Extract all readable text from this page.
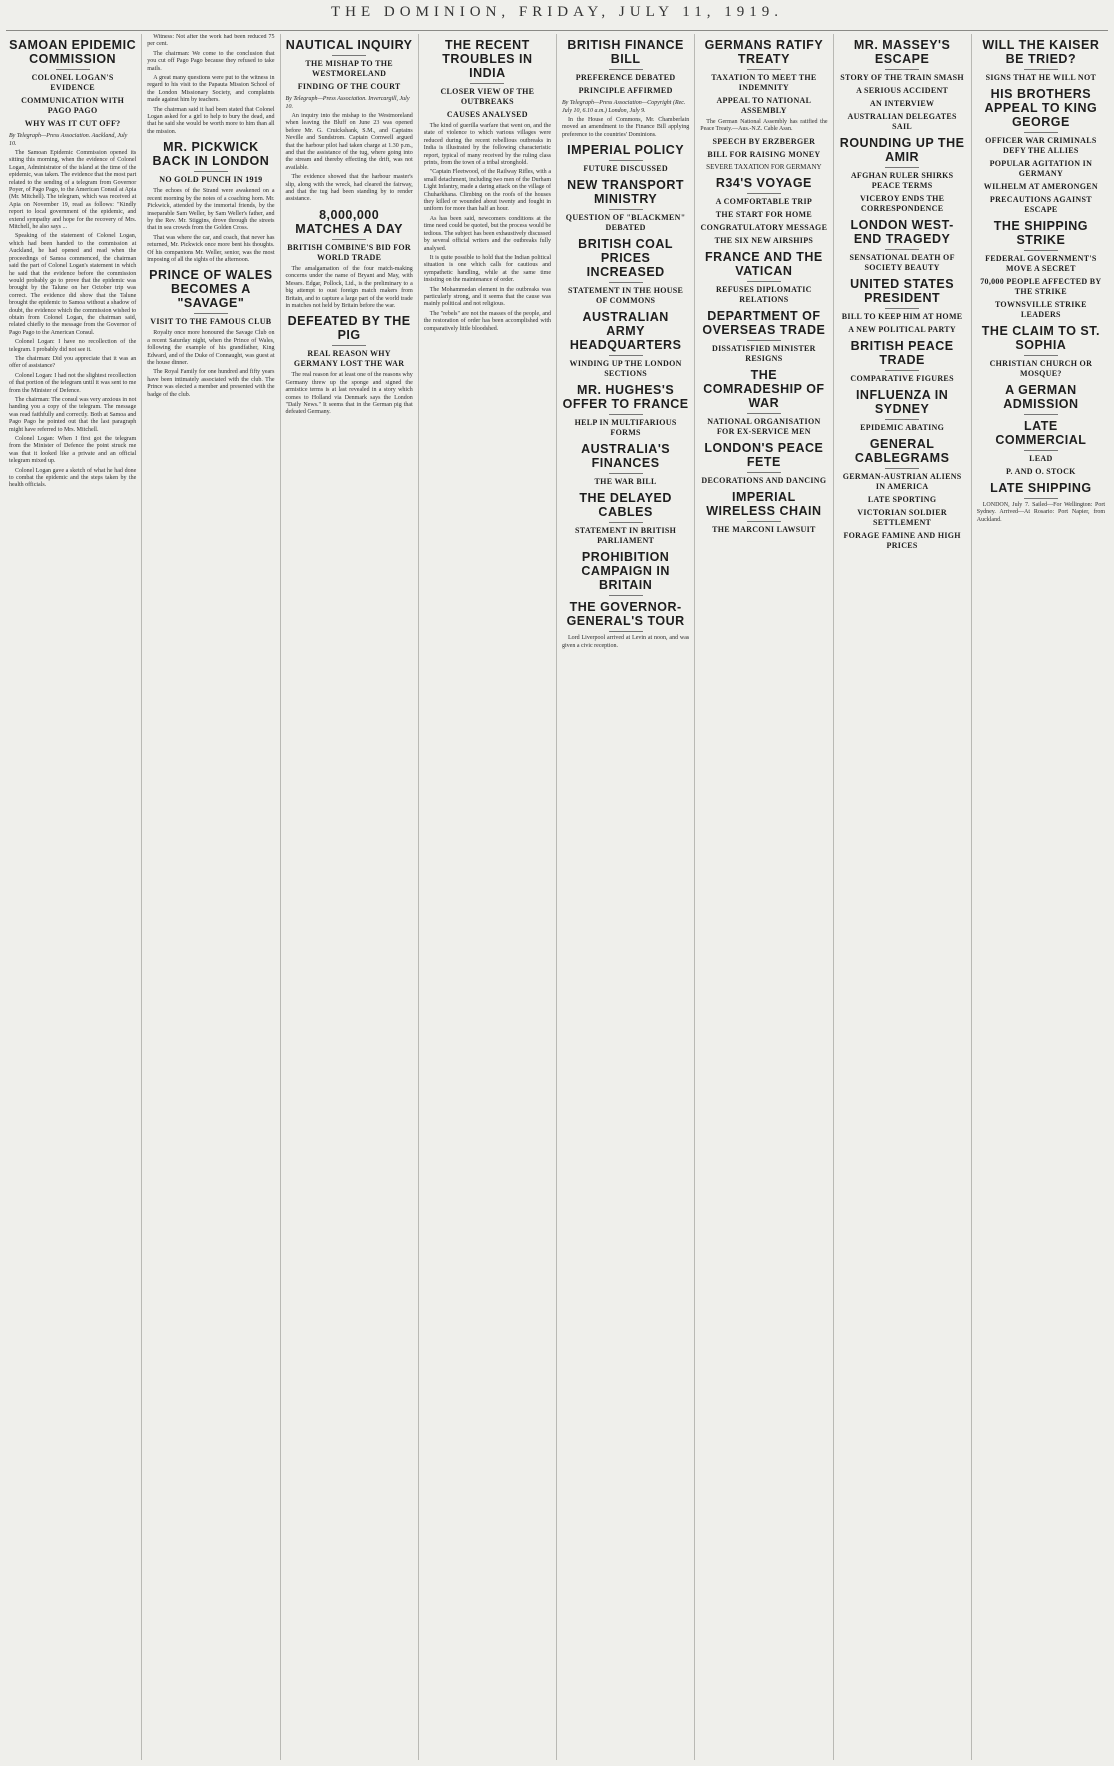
THE DOMINION, FRIDAY, JULY 11, 1919.
SAMOAN EPIDEMIC COMMISSION
COLONEL LOGAN'S EVIDENCE
COMMUNICATION WITH PAGO PAGO
WHY WAS IT CUT OFF?
By Telegraph—Press Association. Auckland, July 10.
The Samoan Epidemic Commission opened its sitting this morning, when the evidence of Colonel Logan, Administrator of the island at the time of the epidemic, was taken. The evidence that the most part related to the sending of a telegram from Governor Poyer, of Pago Pago, to the American Consul at Apia (Mr. Mitchell). The telegram, which was received at Apia on November 19, read as follows: "Kindly report to local government of the epidemic, and extend sympathy and hope for the recovery of Mrs. Mitchell, he also says ...
Speaking of the statement of Colonel Logan, which had been handed to the commission at Auckland, he had opened and read when the proceedings of Samoa commenced, the chairman said the part of Colonel Logan's statement in which he said that the evidence before the commission would probably go to prove that the epidemic was brought by the Talune on her October trip was correct. The evidence did show that the Talune brought the epidemic to Samoa without a shadow of doubt, the evidence which the commission wished to obtain from Colonel Logan, the chairman said, related chiefly to the message from the Governor of Pago Pago to the American Consul.
Colonel Logan: I have no recollection of the telegram. I probably did not see it.
The chairman: Did you appreciate that it was an offer of assistance?
Colonel Logan: I had not the slightest recollection of that portion of the telegram until it was sent to me from the Minister of Defence.
The chairman: The consul was very anxious in not handing you a copy of the telegram. The message was read faithfully and correctly. Both at Samoa and Pago Pago he pointed out that the last paragraph might have referred to Mrs. Mitchell.
Colonel Logan: When I first got the telegram from the Minister of Defence the point struck me was that it looked like a private and an official telegram mixed up.
Colonel Logan gave a sketch of what he had done to combat the epidemic and the steps taken by the health officials.
Witness: Not after the work had been reduced 75 per cent.
The chairman: We come to the conclusion that you cut off Pago Pago because they refused to take mails.
A great many questions were put to the witness in regard to his visit to the Papauta Mission School of the London Missionary Society, and complaints made against him by teachers.
The chairman said it had been stated that Colonel Logan asked for a girl to help to bury the dead, and that he said she would be worth more to him than all the mission.
MR. PICKWICK BACK IN LONDON
NO GOLD PUNCH IN 1919
The echoes of the Strand were awakened on a recent morning by the notes of a coaching horn. Mr. Pickwick, attended by the immortal friends, by the inseparable Sam Weller, by Sam Weller's father, and by the Rev. Mr. Stiggins, drove through the streets that in sea crowds from the Golden Cross.
That was where the car, and coach, that never has returned, Mr. Pickwick once more bent his thoughts. Of his companions Mr. Weller, senior, was the most imposing of all the sights of the afternoon.
PRINCE OF WALES BECOMES A "SAVAGE"
VISIT TO THE FAMOUS CLUB
Royalty once more honoured the Savage Club on a recent Saturday night, when the Prince of Wales, following the example of his grandfather, King Edward, and of the Duke of Connaught, was guest at the house dinner.
The Royal Family for one hundred and fifty years have been intimately associated with the club. The Prince was elected a member and presented with the badge of the club.
NAUTICAL INQUIRY
THE MISHAP TO THE WESTMORELAND
FINDING OF THE COURT
By Telegraph—Press Association. Invercargill, July 10.
An inquiry into the mishap to the Westmoreland when leaving the Bluff on June 23 was opened before Mr. G. Cruickshank, S.M., and Captains Neville and Sundstrom. Captain Cornwell argued that the harbour pilot had taken charge at 1.30 p.m., and that the assistance of the tug, where going into the stream and thereby effecting the drift, was not available.
The evidence showed that the harbour master's slip, along with the wreck, had cleared the fairway, and that the tug had been standing by to render assistance.
8,000,000 MATCHES A DAY
BRITISH COMBINE'S BID FOR WORLD TRADE
The amalgamation of the four match-making concerns under the name of Bryant and May, with Messrs. Edgar, Pollock, Ltd., is the preliminary to a big attempt to oust foreign match makers from Britain, and to capture a large part of the world trade in matches not held by Britain before the war.
DEFEATED BY THE PIG
REAL REASON WHY GERMANY LOST THE WAR
The real reason for at least one of the reasons why Germany threw up the sponge and signed the armistice terms is at last revealed in a story which comes to Holland via Denmark says the London "Daily News." It seems that in the German pig that defeated Germany.
THE RECENT TROUBLES IN INDIA
CLOSER VIEW OF THE OUTBREAKS
CAUSES ANALYSED
The kind of guerilla warfare that went on, and the state of violence to which various villages were reduced during the recent rebellious outbreaks in India is illustrated by the following characteristic report, typical of many received by the ruling class prints, from the town of a tribal stronghold.
"Captain Fleetwood, of the Railway Rifles, with a small detachment, including two men of the Durham Light Infantry, made a daring attack on the village of Chuharkhana. Climbing on the roofs of the houses they killed or wounded about twenty and fought in uniform for more than half an hour.
As has been said, newcomers conditions at the time need could be quoted, but the process would be tedious. The subject has been exhaustively discussed by several official writers and the outbreaks fully analysed.
It is quite possible to hold that the Indian political situation is one which calls for cautious and sympathetic handling, while at the same time insisting on the maintenance of order.
The Mohammedan element in the outbreaks was particularly strong, and it seems that the cause was mainly political and not religious.
The "rebels" are not the masses of the people, and the restoration of order has been accomplished with comparatively little bloodshed.
BRITISH FINANCE BILL
PREFERENCE DEBATED
PRINCIPLE AFFIRMED
By Telegraph—Press Association—Copyright (Rec. July 10, 6.10 a.m.) London, July 9.
In the House of Commons, Mr. Chamberlain moved an amendment to the Finance Bill applying preference to the countries' Dominions.
IMPERIAL POLICY
FUTURE DISCUSSED
NEW TRANSPORT MINISTRY
QUESTION OF "BLACKMEN" DEBATED
BRITISH COAL PRICES INCREASED
STATEMENT IN THE HOUSE OF COMMONS
AUSTRALIAN ARMY HEADQUARTERS
WINDING UP THE LONDON SECTIONS
MR. HUGHES'S OFFER TO FRANCE
HELP IN MULTIFARIOUS FORMS
AUSTRALIA'S FINANCES
THE WAR BILL
THE DELAYED CABLES
STATEMENT IN BRITISH PARLIAMENT
PROHIBITION CAMPAIGN IN BRITAIN
THE GOVERNOR-GENERAL'S TOUR
Lord Liverpool arrived at Levin at noon, and was given a civic reception.
GERMANS RATIFY TREATY
TAXATION TO MEET THE INDEMNITY
APPEAL TO NATIONAL ASSEMBLY
The German National Assembly has ratified the Peace Treaty.—Aus.-N.Z. Cable Assn.
SPEECH BY ERZBERGER
BILL FOR RAISING MONEY
SEVERE TAXATION FOR GERMANY
R34'S VOYAGE
A COMFORTABLE TRIP
THE START FOR HOME
CONGRATULATORY MESSAGE
THE SIX NEW AIRSHIPS
FRANCE AND THE VATICAN
REFUSES DIPLOMATIC RELATIONS
DEPARTMENT OF OVERSEAS TRADE
DISSATISFIED MINISTER RESIGNS
THE COMRADESHIP OF WAR
NATIONAL ORGANISATION FOR EX-SERVICE MEN
LONDON'S PEACE FETE
DECORATIONS AND DANCING
IMPERIAL WIRELESS CHAIN
THE MARCONI LAWSUIT
MR. MASSEY'S ESCAPE
STORY OF THE TRAIN SMASH
A SERIOUS ACCIDENT
AN INTERVIEW
AUSTRALIAN DELEGATES SAIL
ROUNDING UP THE AMIR
AFGHAN RULER SHIRKS PEACE TERMS
VICEROY ENDS THE CORRESPONDENCE
LONDON WEST-END TRAGEDY
SENSATIONAL DEATH OF SOCIETY BEAUTY
UNITED STATES PRESIDENT
BILL TO KEEP HIM AT HOME
A NEW POLITICAL PARTY
BRITISH PEACE TRADE
COMPARATIVE FIGURES
INFLUENZA IN SYDNEY
EPIDEMIC ABATING
GENERAL CABLEGRAMS
GERMAN-AUSTRIAN ALIENS IN AMERICA
LATE SPORTING
VICTORIAN SOLDIER SETTLEMENT
FORAGE FAMINE AND HIGH PRICES
WILL THE KAISER BE TRIED?
SIGNS THAT HE WILL NOT
HIS BROTHERS APPEAL TO KING GEORGE
OFFICER WAR CRIMINALS DEFY THE ALLIES
POPULAR AGITATION IN GERMANY
WILHELM AT AMERONGEN
PRECAUTIONS AGAINST ESCAPE
THE SHIPPING STRIKE
FEDERAL GOVERNMENT'S MOVE A SECRET
70,000 PEOPLE AFFECTED BY THE STRIKE
TOWNSVILLE STRIKE LEADERS
THE CLAIM TO ST. SOPHIA
CHRISTIAN CHURCH OR MOSQUE?
A GERMAN ADMISSION
LATE COMMERCIAL
LEAD
P. AND O. STOCK
LATE SHIPPING
LONDON, July 7. Sailed—For Wellington: Port Sydney. Arrived—At Rosario: Port Napier, from Auckland.
